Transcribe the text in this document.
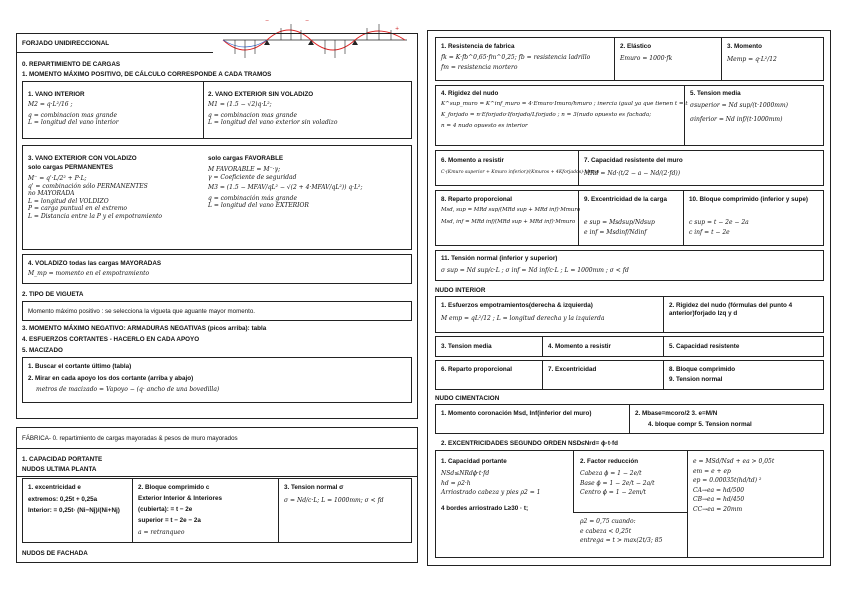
−	−
+
FORJADO UNIDIRECCIONAL
0. REPARTIMIENTO DE CARGAS
1. MOMENTO MÁXIMO POSITIVO, DE CÁLCULO CORRESPONDE A CADA TRAMOS
1. VANO INTERIOR
M2 = q·L²/16 ;
q = combinacion mas grande
L = longitud del vano interior
2. VANO EXTERIOR SIN VOLADIZO
M1 = (1.5 − √2)q·L²;
q = combinacion mas grande
L = longitud del vano exterior sin voladizo
3. VANO EXTERIOR CON VOLADIZO
solo cargas PERMANENTES
M⁻ = q'·L/2² + P·L;
q' = combinación sólo PERMANENTES
no MAYORADA
L = longitud del VOLDIZO
P = carga puntual en el extremo
L = Distancia entre la P y el empotramiento
solo cargas FAVORABLE
M FAVORABLE = M⁻·γ;
γ = Coeficiente de seguridad
M3 = (1.5 − MFAV/qL² − √(2 + 4·MFAV/qL²)) q·L²;
q = combinación más grande
L = longitud del vano EXTERIOR
4. VOLADIZO todas las cargas MAYORADAS
M_mp = momento en el empotramiento
2. TIPO DE VIGUETA
Momento máximo positivo : se selecciona la vigueta que aguante mayor momento.
3. MOMENTO MÁXIMO NEGATIVO: ARMADURAS NEGATIVAS (picos arriba): tabla
4. ESFUERZOS CORTANTES - HACERLO EN CADA APOYO
5. MACIZADO
1. Buscar el cortante último (tabla)
2. Mirar en cada apoyo los dos cortante (arriba y abajo)
metros de macizado = Vapoyo − (q· ancho de una bovedilla)
FÁBRICA- 0. repartimiento de cargas mayoradas & pesos de muro mayorados
1. CAPACIDAD PORTANTE
NUDOS ULTIMA PLANTA
1. excentricidad e
extremos: 0,25t + 0,25a
Interior: = 0,25t· (Ni−Nj)/(Ni+Nj)
2. Bloque comprimido c
Exterior Interior & Interiores
(cubierta): = t − 2e
superior = t − 2e − 2a
a = retranqueo
3. Tension normal σ
σ = Nd/c·L; L = 1000mm; σ < fd
NUDOS DE FACHADA
1. Resistencia de fabrica
fk = K·fb^0,65·fm^0,25; fb = resistencia ladrillo
fm = resistencia mortero
2. Elástico
Emuro = 1000·fk
3. Momento
Memp = q·L²/12
4. Rigidez del nudo
K^sup_muro = K^inf_muro = 4·Emuro·Imuro/hmuro ; inercia igual ya que tienen t = t
K_forjado = n·Eforjado·Iforjado/Lforjado ; n = 3(nudo opuesto es fachada;
n = 4 nudo opuesto es interior
5. Tension media
σsuperior = Nd sup/(t·1000mm)
σinferior = Nd inf/(t·1000mm)
6. Momento a resistir
C·(Kmuro superior + Kmuro inferior)/(Kmuros + 4Kforjados)·Memp
7. Capacidad resistente del muro
MRd = Nd·(t/2 − a − Nd/(2·fd))
8. Reparto proporcional
Msd, sup = MRd sup/(MRd sup + MRd inf)·Mmuro
Msd, inf = MRd inf/(MRd sup + MRd inf)·Mmuro
9. Excentricidad de la carga
e sup = Msdsup/Ndsup
e inf = Msdinf/Ndinf
10. Bloque comprimido (inferior y supe)
c sup = t − 2e − 2a
c inf = t − 2e
11. Tensión normal (inferior y superior)
σ sup = Nd sup/c·L ; σ inf = Nd inf/c·L ; L = 1000mm ; σ < fd
NUDO INTERIOR
1. Esfuerzos empotramientos(derecha & izquierda)
M emp = qL²/12 ; L = longitud derecha y la izquierda
2. Rigidez del nudo (fórmulas del punto 4 anterior)forjado Izq y d
3. Tension media	4. Momento a resistir	5. Capacidad resistente
6. Reparto proporcional	7. Excentricidad	8. Bloque comprimido
9. Tension normal
NUDO CIMENTACION
1. Momento coronación Msd, Inf(inferior del muro)	2. Mbase=mcoro/2 3. e=M/N
4. bloque compr 5. Tension normal
2. EXCENTRICIDADES SEGUNDO ORDEN NSD≤Nrd= ϕ·t·fd
1. Capacidad portante
NSd≤NRdϕ·t·fd
hd = ρ2·h
Arriostrado cabeza y pies ρ2 = 1
4 bordes arriostrado L≥30 · t;
2. Factor reducción
Cabeza ϕ = 1 − 2e/t
Base ϕ = 1 − 2e/t − 2a/t
Centro ϕ = 1 − 2em/t
ρ2 = 0,75 cuando:
e cabeza < 0,25t
entrega = t > max(2t/3; 85
e = MSd/Nsd + ea > 0,05t
em = e + ep
ep = 0.00035t(hd/td) ²
CA→ea = hd/500
CB→ea = hd/450
CC→ea = 20mm
